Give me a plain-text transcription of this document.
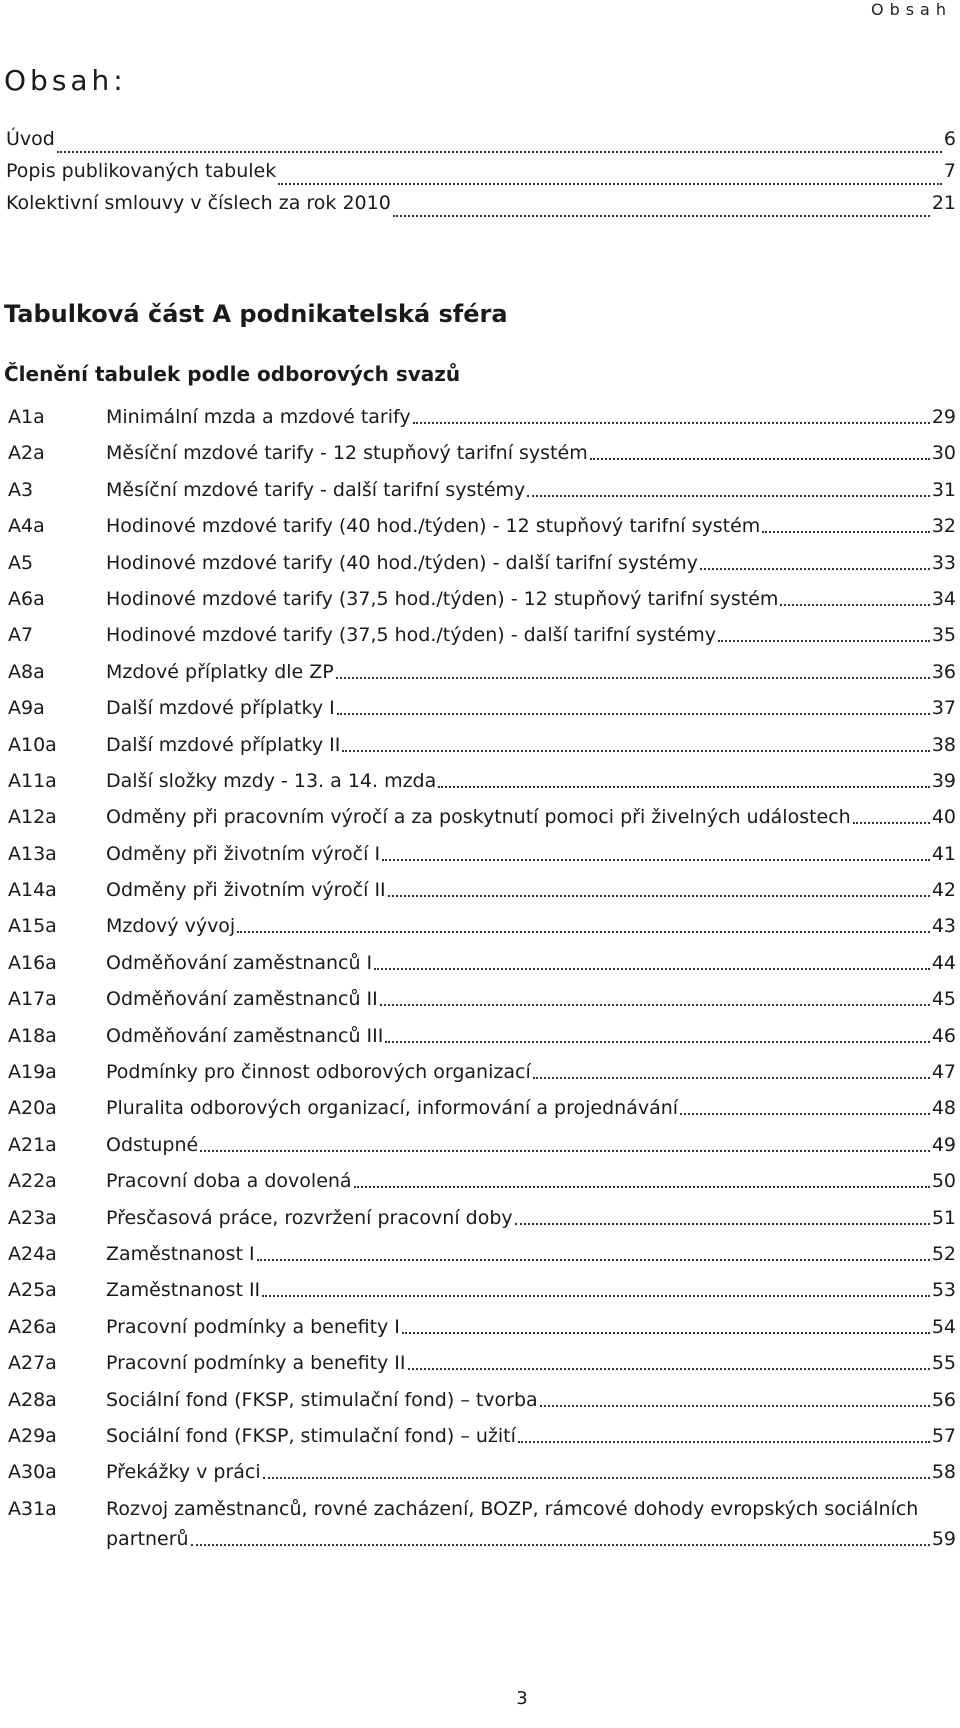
Obsah
Obsah:
Úvod	6
Popis publikovaných tabulek	7
Kolektivní smlouvy v číslech za rok 2010	21
Tabulková část A podnikatelská sféra
Členění tabulek podle odborových svazů
A1a	Minimální mzda a mzdové tarify	29
A2a	Měsíční mzdové tarify - 12 stupňový tarifní systém	30
A3	Měsíční mzdové tarify - další tarifní systémy	31
A4a	Hodinové mzdové tarify (40 hod./týden) - 12 stupňový tarifní systém	32
A5	Hodinové mzdové tarify (40 hod./týden) - další tarifní systémy	33
A6a	Hodinové mzdové tarify (37,5 hod./týden) - 12 stupňový tarifní systém	34
A7	Hodinové mzdové tarify (37,5 hod./týden) - další tarifní systémy	35
A8a	Mzdové příplatky dle ZP	36
A9a	Další mzdové příplatky I	37
A10a	Další mzdové příplatky II	38
A11a	Další složky mzdy - 13. a 14. mzda	39
A12a	Odměny při pracovním výročí a za poskytnutí pomoci při živelných událostech	40
A13a	Odměny při životním výročí I	41
A14a	Odměny při životním výročí II	42
A15a	Mzdový vývoj	43
A16a	Odměňování zaměstnanců I	44
A17a	Odměňování zaměstnanců II	45
A18a	Odměňování zaměstnanců III	46
A19a	Podmínky pro činnost odborových organizací	47
A20a	Pluralita odborových organizací, informování a projednávání	48
A21a	Odstupné	49
A22a	Pracovní doba a dovolená	50
A23a	Přesčasová práce, rozvržení pracovní doby	51
A24a	Zaměstnanost I	52
A25a	Zaměstnanost II	53
A26a	Pracovní podmínky a benefity I	54
A27a	Pracovní podmínky a benefity II	55
A28a	Sociální fond (FKSP, stimulační fond) – tvorba	56
A29a	Sociální fond (FKSP, stimulační fond) – užití	57
A30a	Překážky v práci	58
A31a	Rozvoj zaměstnanců, rovné zacházení, BOZP, rámcové dohody evropských sociálních
partnerů	59
3
